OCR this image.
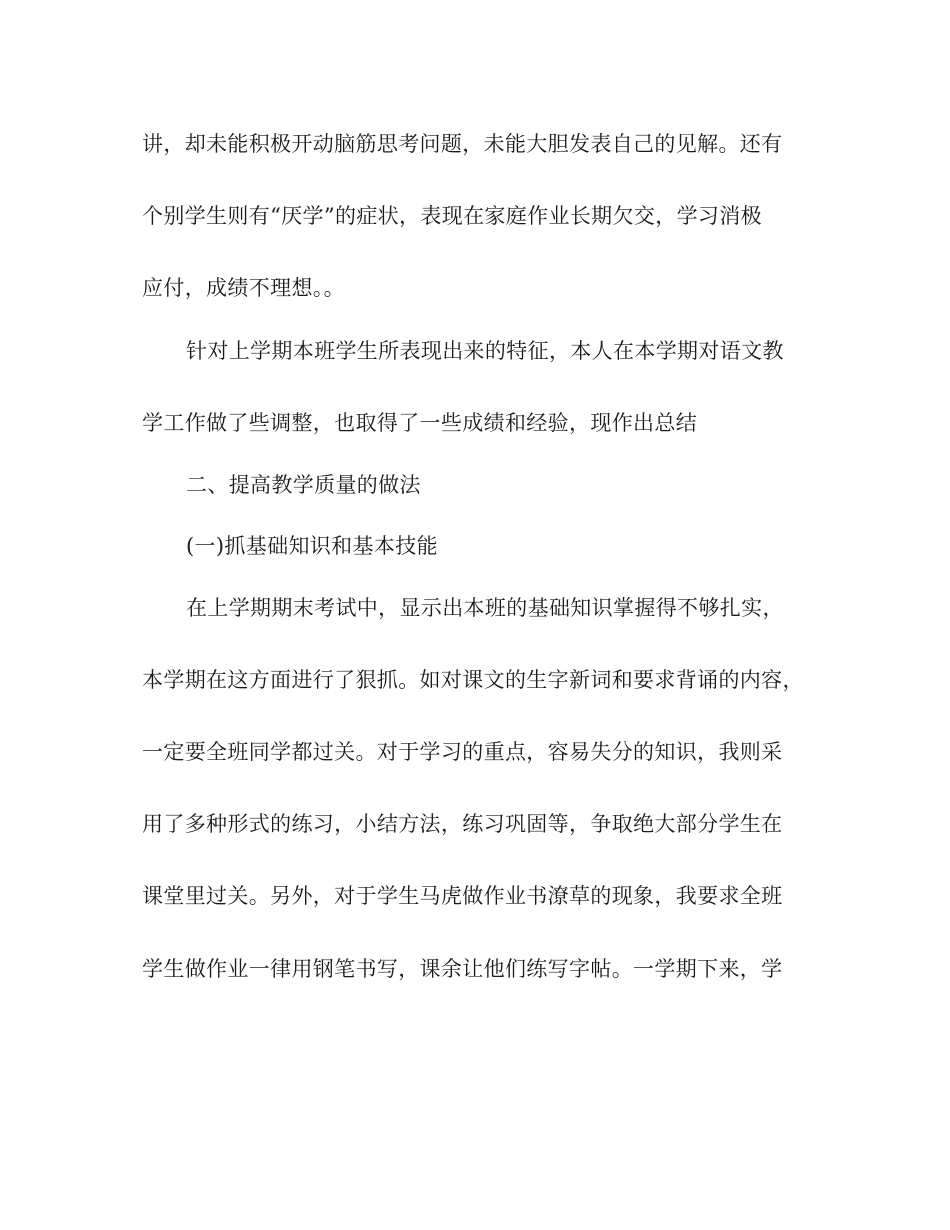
讲，却未能积极开动脑筋思考问题，未能大胆发表自己的见解。还有

个别学生则有“厌学”的症状，表现在家庭作业长期欠交，学习消极

应付，成绩不理想。。

针对上学期本班学生所表现出来的特征，本人在本学期对语文教

学工作做了些调整，也取得了一些成绩和经验，现作出总结

二、提高教学质量的做法

(一)抓基础知识和基本技能

在上学期期末考试中，显示出本班的基础知识掌握得不够扎实，

本学期在这方面进行了狠抓。如对课文的生字新词和要求背诵的内容，

一定要全班同学都过关。对于学习的重点，容易失分的知识，我则采

用了多种形式的练习，小结方法，练习巩固等，争取绝大部分学生在

课堂里过关。另外，对于学生马虎做作业书潦草的现象，我要求全班

学生做作业一律用钢笔书写，课余让他们练写字帖。一学期下来，学
